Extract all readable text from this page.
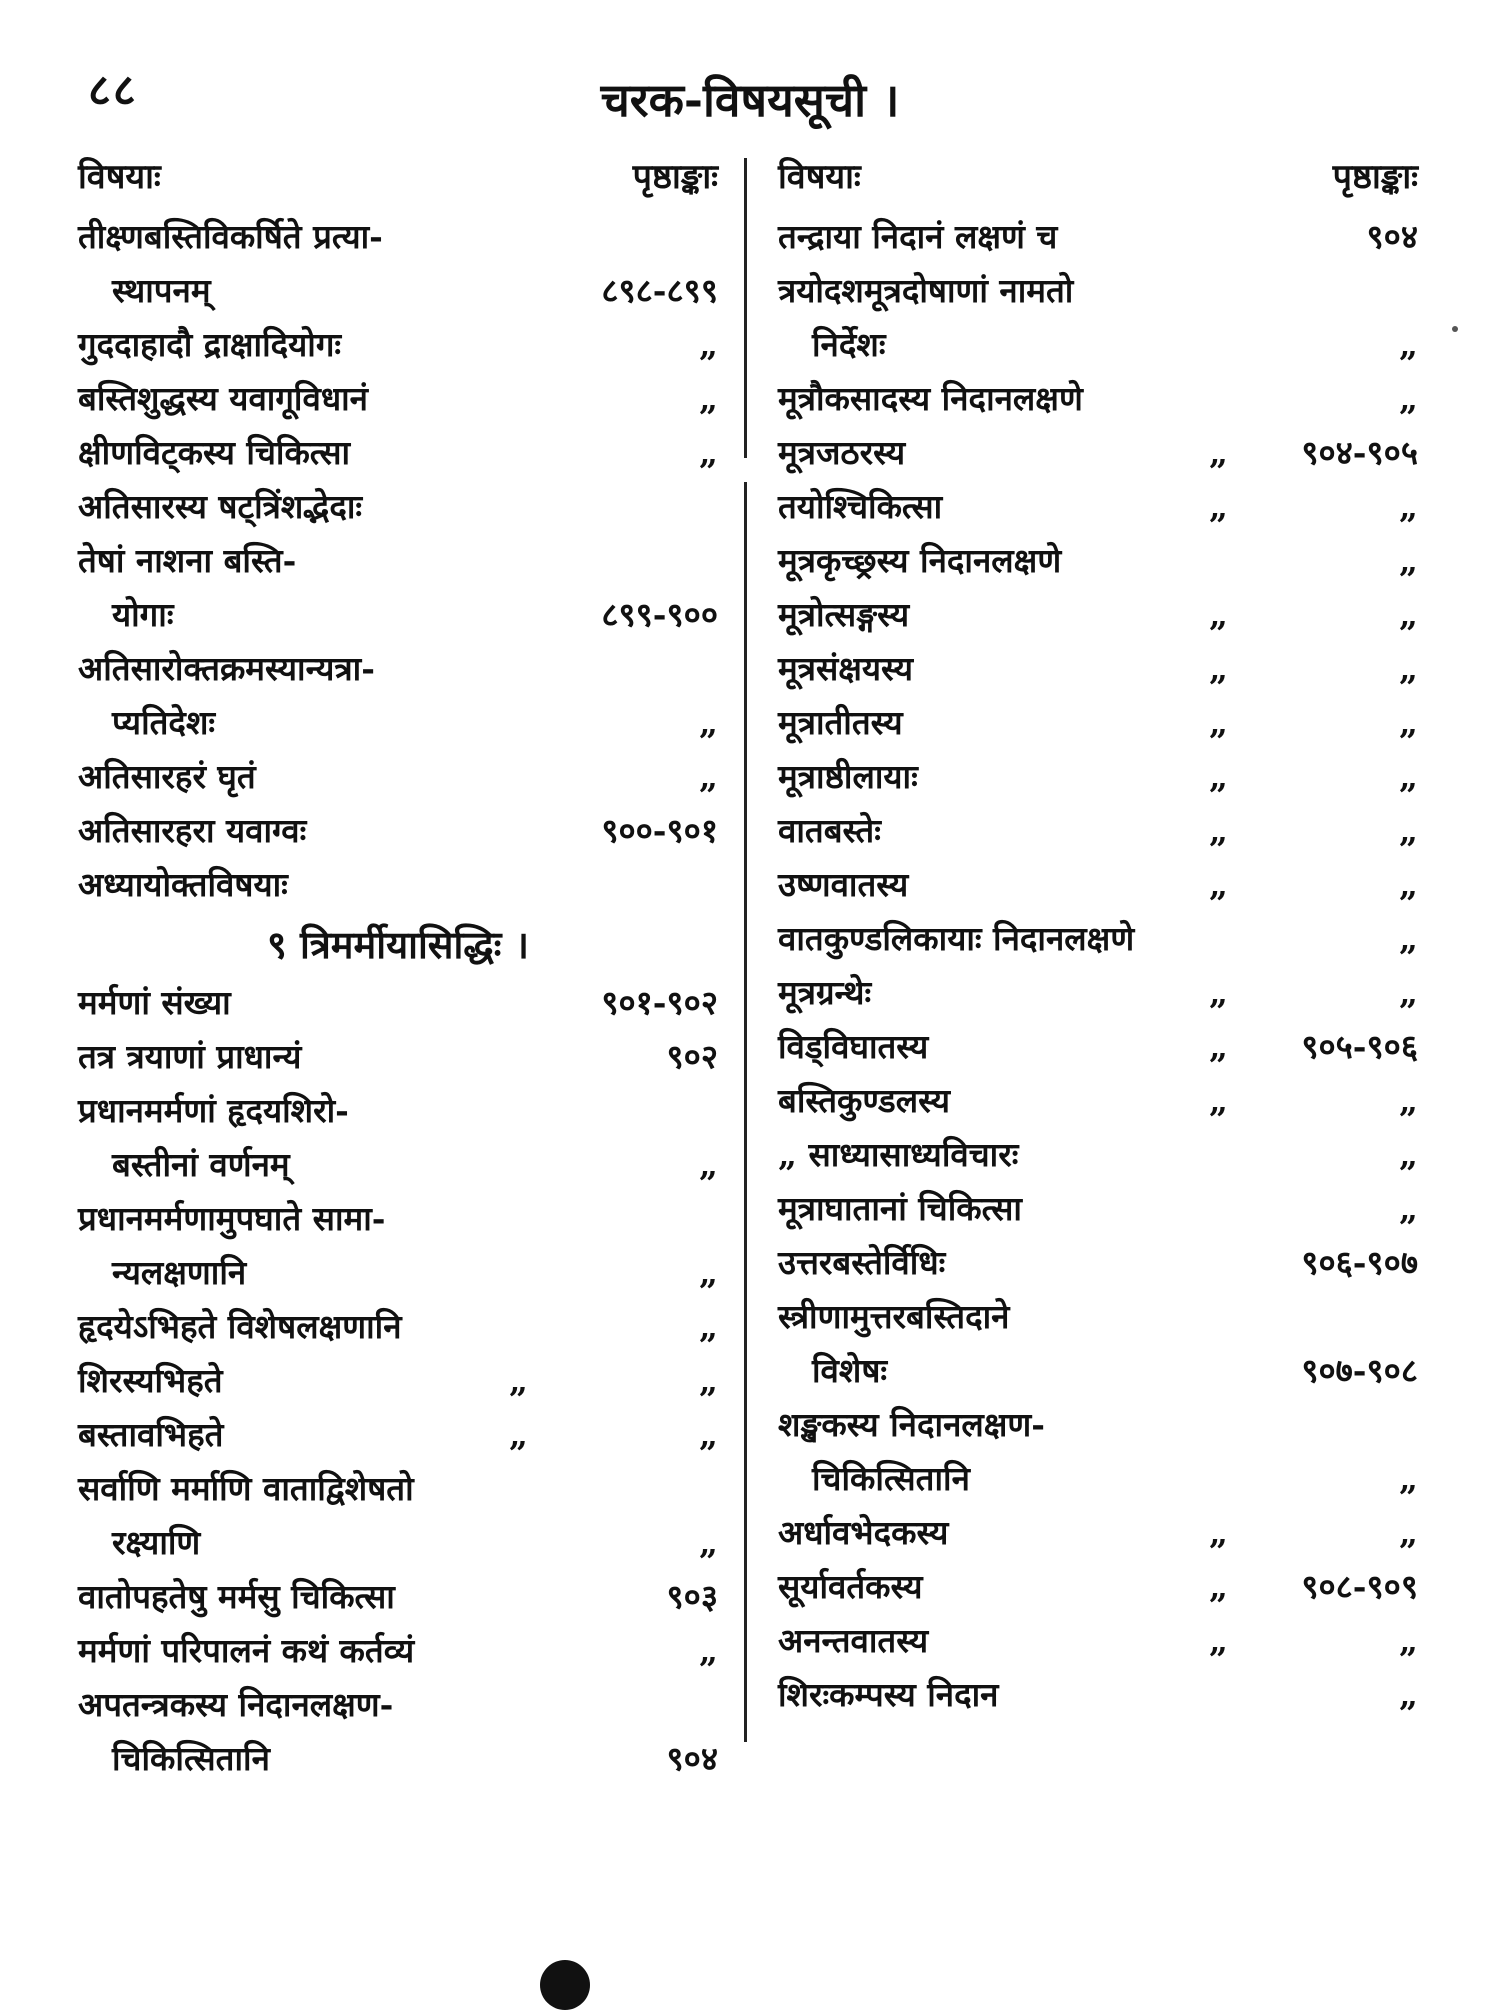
८८	चरक-विषयसूची ।
विषयाः	पृष्ठाङ्काः
तीक्ष्णबस्तिविकर्षिते प्रत्या-
स्थापनम्	८९८-८९९
गुददाहादौ द्राक्षादियोगः	„
बस्तिशुद्धस्य यवागूविधानं	„
क्षीणविट्कस्य चिकित्सा	„
अतिसारस्य षट्त्रिंशद्भेदाः
तेषां नाशना बस्ति-
योगाः	८९९-९००
अतिसारोक्तक्रमस्यान्यत्रा-
प्यतिदेशः	„
अतिसारहरं घृतं	„
अतिसारहरा यवाग्वः	९००-९०१
अध्यायोक्तविषयाः
९ त्रिमर्मीयासिद्धिः ।
मर्मणां संख्या	९०१-९०२
तत्र त्रयाणां प्राधान्यं	९०२
प्रधानमर्मणां हृदयशिरो-
बस्तीनां वर्णनम्	„
प्रधानमर्मणामुपघाते सामा-
न्यलक्षणानि	„
हृदयेऽभिहते विशेषलक्षणानि	„
शिरस्यभिहते	„	„
बस्तावभिहते	„	„
सर्वाणि मर्माणि वाताद्विशेषतो
रक्ष्याणि	„
वातोपहतेषु मर्मसु चिकित्सा	९०३
मर्मणां परिपालनं कथं कर्तव्यं	„
अपतन्त्रकस्य निदानलक्षण-
चिकित्सितानि	९०४
विषयाः	पृष्ठाङ्काः
तन्द्राया निदानं लक्षणं च	९०४
त्रयोदशमूत्रदोषाणां नामतो
निर्देशः	„
मूत्रौकसादस्य निदानलक्षणे	„
मूत्रजठरस्य	„ ९०४-९०५
तयोश्चिकित्सा	„	„
मूत्रकृच्छ्रस्य निदानलक्षणे	„
मूत्रोत्सङ्गस्य	„	„
मूत्रसंक्षयस्य	„	„
मूत्रातीतस्य	„	„
मूत्राष्ठीलायाः	„	„
वातबस्तेः	„	„
उष्णवातस्य	„	„
वातकुण्डलिकायाः निदानलक्षणे	„
मूत्रग्रन्थेः	„	„
विड्विघातस्य	„ ९०५-९०६
बस्तिकुण्डलस्य	„	„
„ साध्यासाध्यविचारः	„
मूत्राघातानां चिकित्सा	„
उत्तरबस्तेर्विधिः	९०६-९०७
स्त्रीणामुत्तरबस्तिदाने
विशेषः	९०७-९०८
शङ्खकस्य निदानलक्षण-
चिकित्सितानि	„
अर्धावभेदकस्य	„	„
सूर्यावर्तकस्य	„ ९०८-९०९
अनन्तवातस्य	„	„
शिरःकम्पस्य निदान	„
